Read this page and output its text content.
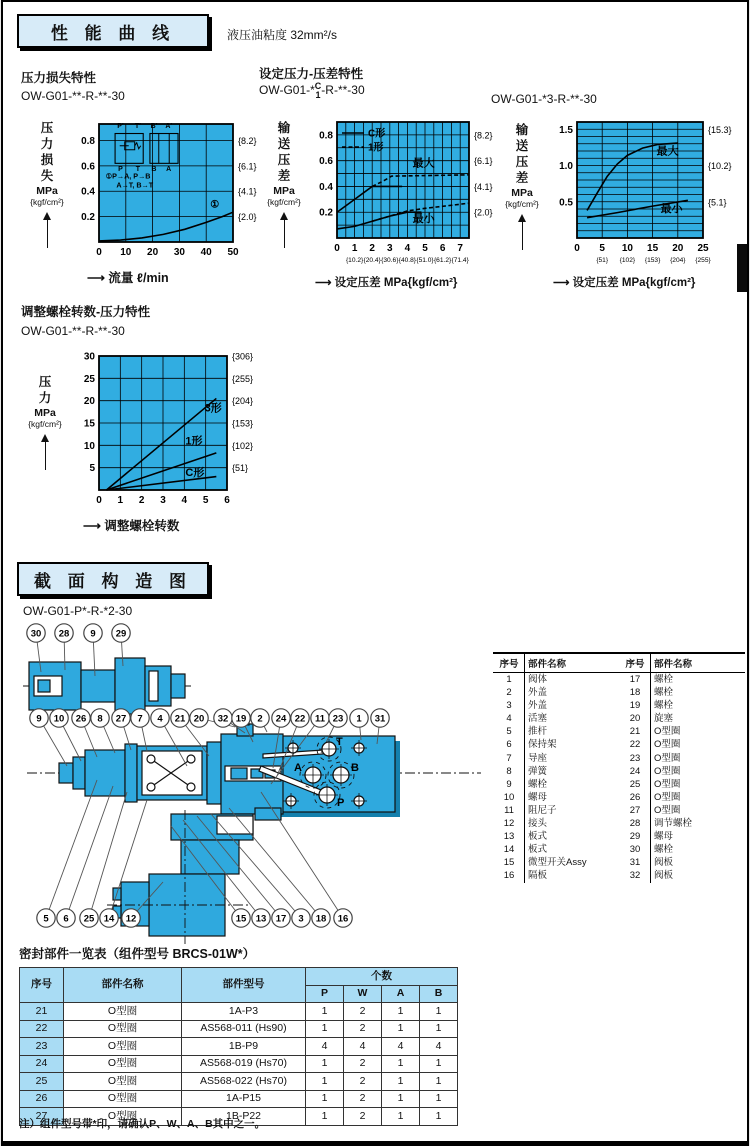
性 能 曲 线	液压油粘度 32mm²/s
压力损失特性
OW-G01-**-R-**-30
压力损失
MPa
{kgf/cm²}
P′ T′ B′ A′
P T B A
①P→A, P→B
A→T, B→T
0.2	{2.0}
0.4	{4.1}
0.6	{6.1}
0.8	{8.2}
0 10 20 30 40 50
①
⟶ 流量 ℓ/min
设定压力-压差特性
OW-G01-* C
1 -R-**-30
输送压差
MPa
{kgf/cm²}
0.2	{2.0}
0.4	{4.1}
0.6	{6.1}
0.8	{8.2}
0 1 2 3 4 5 6 7
{10.2} {20.4} {30.6} {40.8} {51.0} {61.2} {71.4}
最大
最小
C形
1形
⟶ 设定压差 MPa{kgf/cm²}
OW-G01-*3-R-**-30
输送压差
MPa
{kgf/cm²}	0.5	{5.1}
1.0	{10.2}
1.5	{15.3}
0 5 10 15 20 25
{51} {102} {153} {204} {255}
最大
最小
⟶ 设定压差 MPa{kgf/cm²}
调整螺栓转数-压力特性
OW-G01-**-R-**-30
压力
MPa
{kgf/cm²}
5	{51}
10	{102}
15	{153}
20	{204}
25	{255}
30	{306}
0 1 2 3 4 5 6
3形
1形
C形
⟶ 调整螺栓转数
截 面 构 造 图
OW-G01-P*-R-*2-30
T
A	B
P
30 28 9 29
9 10 26 8 27 7 4 21 20 32 19 2 24 22 11 23 1 31
5 6 25 14 12	15 13 17 3 18 16
序号	部件名称
1	阀体
2	外盖
3	外盖
4	活塞
5	推杆
6	保持架
7	导座
8	弹簧
9	螺栓
10	螺母
11	阻尼子
12	接头
13	板式
14	板式
15	微型开关Assy
16	隔板
序号	部件名称
17	螺栓
18	螺栓
19	螺栓
20	旋塞
21	O型圈
22	O型圈
23	O型圈
24	O型圈
25	O型圈
26	O型圈
27	O型圈
28	调节螺栓
29	螺母
30	螺栓
31	阀板
32	阀板
密封部件一览表（组件型号 BRCS-01W*）
序号	部件名称	部件型号	个数			
			P	W	A	B
21	O型圈	1A-P3	1	2	1	1
22	O型圈	AS568-011 (Hs90)	1	2	1	1
23	O型圈	1B-P9	4	4	4	4
24	O型圈	AS568-019 (Hs70)	1	2	1	1
25	O型圈	AS568-022 (Hs70)	1	2	1	1
26	O型圈	1A-P15	1	2	1	1
27	O型圈	1B-P22	1	2	1	1
注）组件型号带*印，请确认P、W、A、B其中之一。
